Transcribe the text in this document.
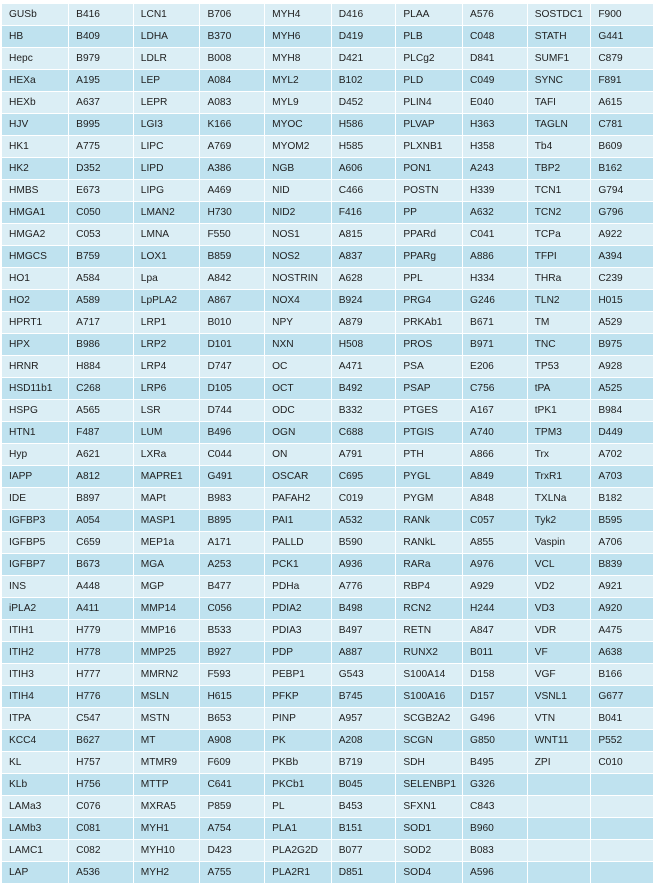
GUSb	B416	LCN1	B706	MYH4	D416	PLAA	A576	SOSTDC1	F900
HB	B409	LDHA	B370	MYH6	D419	PLB	C048	STATH	G441
Hepc	B979	LDLR	B008	MYH8	D421	PLCg2	D841	SUMF1	C879
HEXa	A195	LEP	A084	MYL2	B102	PLD	C049	SYNC	F891
HEXb	A637	LEPR	A083	MYL9	D452	PLIN4	E040	TAFI	A615
HJV	B995	LGI3	K166	MYOC	H586	PLVAP	H363	TAGLN	C781
HK1	A775	LIPC	A769	MYOM2	H585	PLXNB1	H358	Tb4	B609
HK2	D352	LIPD	A386	NGB	A606	PON1	A243	TBP2	B162
HMBS	E673	LIPG	A469	NID	C466	POSTN	H339	TCN1	G794
HMGA1	C050	LMAN2	H730	NID2	F416	PP	A632	TCN2	G796
HMGA2	C053	LMNA	F550	NOS1	A815	PPARd	C041	TCPa	A922
HMGCS	B759	LOX1	B859	NOS2	A837	PPARg	A886	TFPI	A394
HO1	A584	Lpa	A842	NOSTRIN	A628	PPL	H334	THRa	C239
HO2	A589	LpPLA2	A867	NOX4	B924	PRG4	G246	TLN2	H015
HPRT1	A717	LRP1	B010	NPY	A879	PRKAb1	B671	TM	A529
HPX	B986	LRP2	D101	NXN	H508	PROS	B971	TNC	B975
HRNR	H884	LRP4	D747	OC	A471	PSA	E206	TP53	A928
HSD11b1	C268	LRP6	D105	OCT	B492	PSAP	C756	tPA	A525
HSPG	A565	LSR	D744	ODC	B332	PTGES	A167	tPK1	B984
HTN1	F487	LUM	B496	OGN	C688	PTGIS	A740	TPM3	D449
Hyp	A621	LXRa	C044	ON	A791	PTH	A866	Trx	A702
IAPP	A812	MAPRE1	G491	OSCAR	C695	PYGL	A849	TrxR1	A703
IDE	B897	MAPt	B983	PAFAH2	C019	PYGM	A848	TXLNa	B182
IGFBP3	A054	MASP1	B895	PAI1	A532	RANk	C057	Tyk2	B595
IGFBP5	C659	MEP1a	A171	PALLD	B590	RANkL	A855	Vaspin	A706
IGFBP7	B673	MGA	A253	PCK1	A936	RARa	A976	VCL	B839
INS	A448	MGP	B477	PDHa	A776	RBP4	A929	VD2	A921
iPLA2	A411	MMP14	C056	PDIA2	B498	RCN2	H244	VD3	A920
ITIH1	H779	MMP16	B533	PDIA3	B497	RETN	A847	VDR	A475
ITIH2	H778	MMP25	B927	PDP	A887	RUNX2	B011	VF	A638
ITIH3	H777	MMRN2	F593	PEBP1	G543	S100A14	D158	VGF	B166
ITIH4	H776	MSLN	H615	PFKP	B745	S100A16	D157	VSNL1	G677
ITPA	C547	MSTN	B653	PINP	A957	SCGB2A2	G496	VTN	B041
KCC4	B627	MT	A908	PK	A208	SCGN	G850	WNT11	P552
KL	H757	MTMR9	F609	PKBb	B719	SDH	B495	ZPI	C010
KLb	H756	MTTP	C641	PKCb1	B045	SELENBP1	G326		
LAMa3	C076	MXRA5	P859	PL	B453	SFXN1	C843		
LAMb3	C081	MYH1	A754	PLA1	B151	SOD1	B960		
LAMC1	C082	MYH10	D423	PLA2G2D	B077	SOD2	B083		
LAP	A536	MYH2	A755	PLA2R1	D851	SOD4	A596		
